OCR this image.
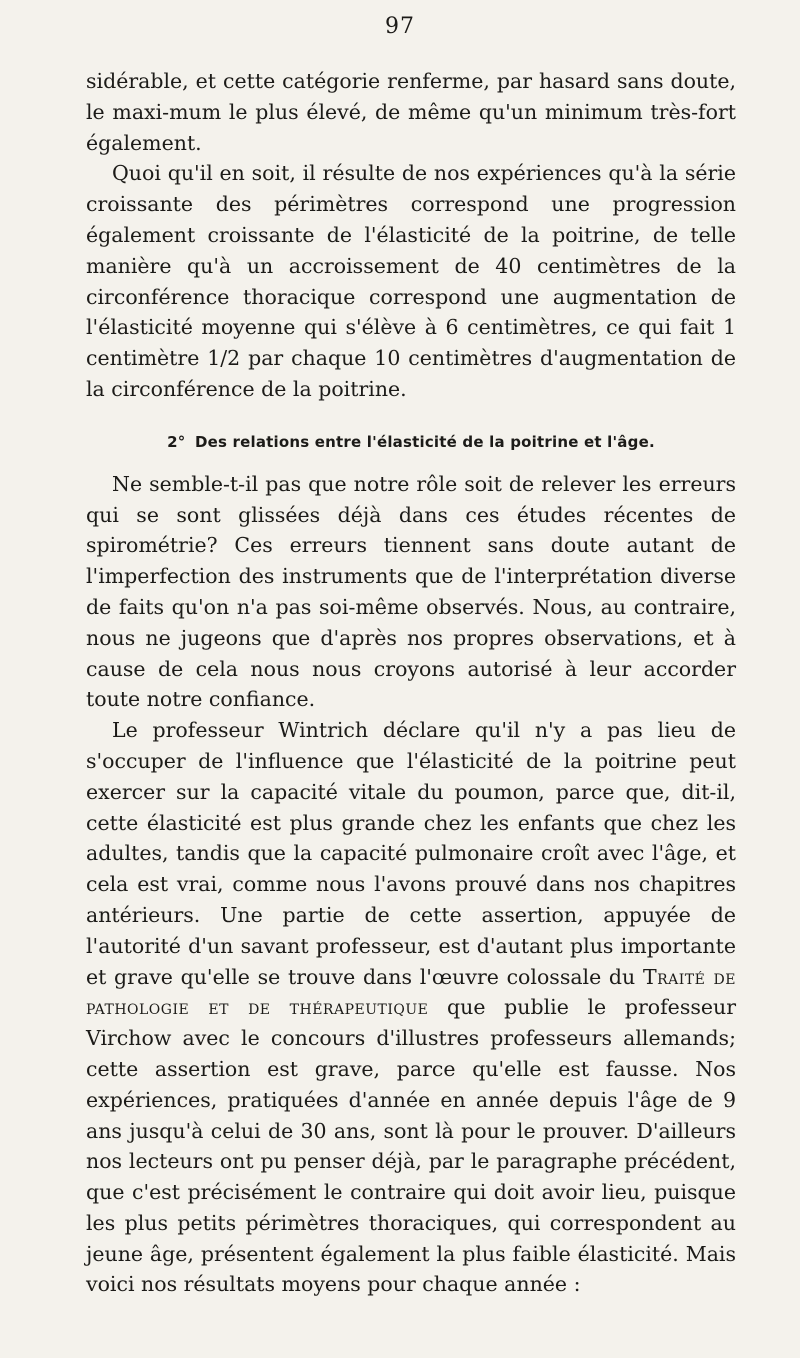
97

sidérable, et cette catégorie renferme, par hasard sans doute, le maxi-mum le plus élevé, de même qu'un minimum très-fort également.

Quoi qu'il en soit, il résulte de nos expériences qu'à la série croissante des périmètres correspond une progression également croissante de l'élasticité de la poitrine, de telle manière qu'à un accroissement de 40 centimètres de la circonférence thoracique correspond une augmentation de l'élasticité moyenne qui s'élève à 6 centimètres, ce qui fait 1 centimètre 1/2 par chaque 10 centimètres d'augmentation de la circonférence de la poitrine.

2° Des relations entre l'élasticité de la poitrine et l'âge.

Ne semble-t-il pas que notre rôle soit de relever les erreurs qui se sont glissées déjà dans ces études récentes de spirométrie? Ces erreurs tiennent sans doute autant de l'imperfection des instruments que de l'interprétation diverse de faits qu'on n'a pas soi-même observés. Nous, au contraire, nous ne jugeons que d'après nos propres observations, et à cause de cela nous nous croyons autorisé à leur accorder toute notre confiance.

Le professeur Wintrich déclare qu'il n'y a pas lieu de s'occuper de l'influence que l'élasticité de la poitrine peut exercer sur la capacité vitale du poumon, parce que, dit-il, cette élasticité est plus grande chez les enfants que chez les adultes, tandis que la capacité pulmonaire croît avec l'âge, et cela est vrai, comme nous l'avons prouvé dans nos chapitres antérieurs. Une partie de cette assertion, appuyée de l'autorité d'un savant professeur, est d'autant plus importante et grave qu'elle se trouve dans l'œuvre colossale du Traité de pathologie et de thérapeutique que publie le professeur Virchow avec le concours d'illustres professeurs allemands; cette assertion est grave, parce qu'elle est fausse. Nos expériences, pratiquées d'année en année depuis l'âge de 9 ans jusqu'à celui de 30 ans, sont là pour le prouver. D'ailleurs nos lecteurs ont pu penser déjà, par le paragraphe précédent, que c'est précisément le contraire qui doit avoir lieu, puisque les plus petits périmètres thoraciques, qui correspondent au jeune âge, présentent également la plus faible élasticité. Mais voici nos résultats moyens pour chaque année :
